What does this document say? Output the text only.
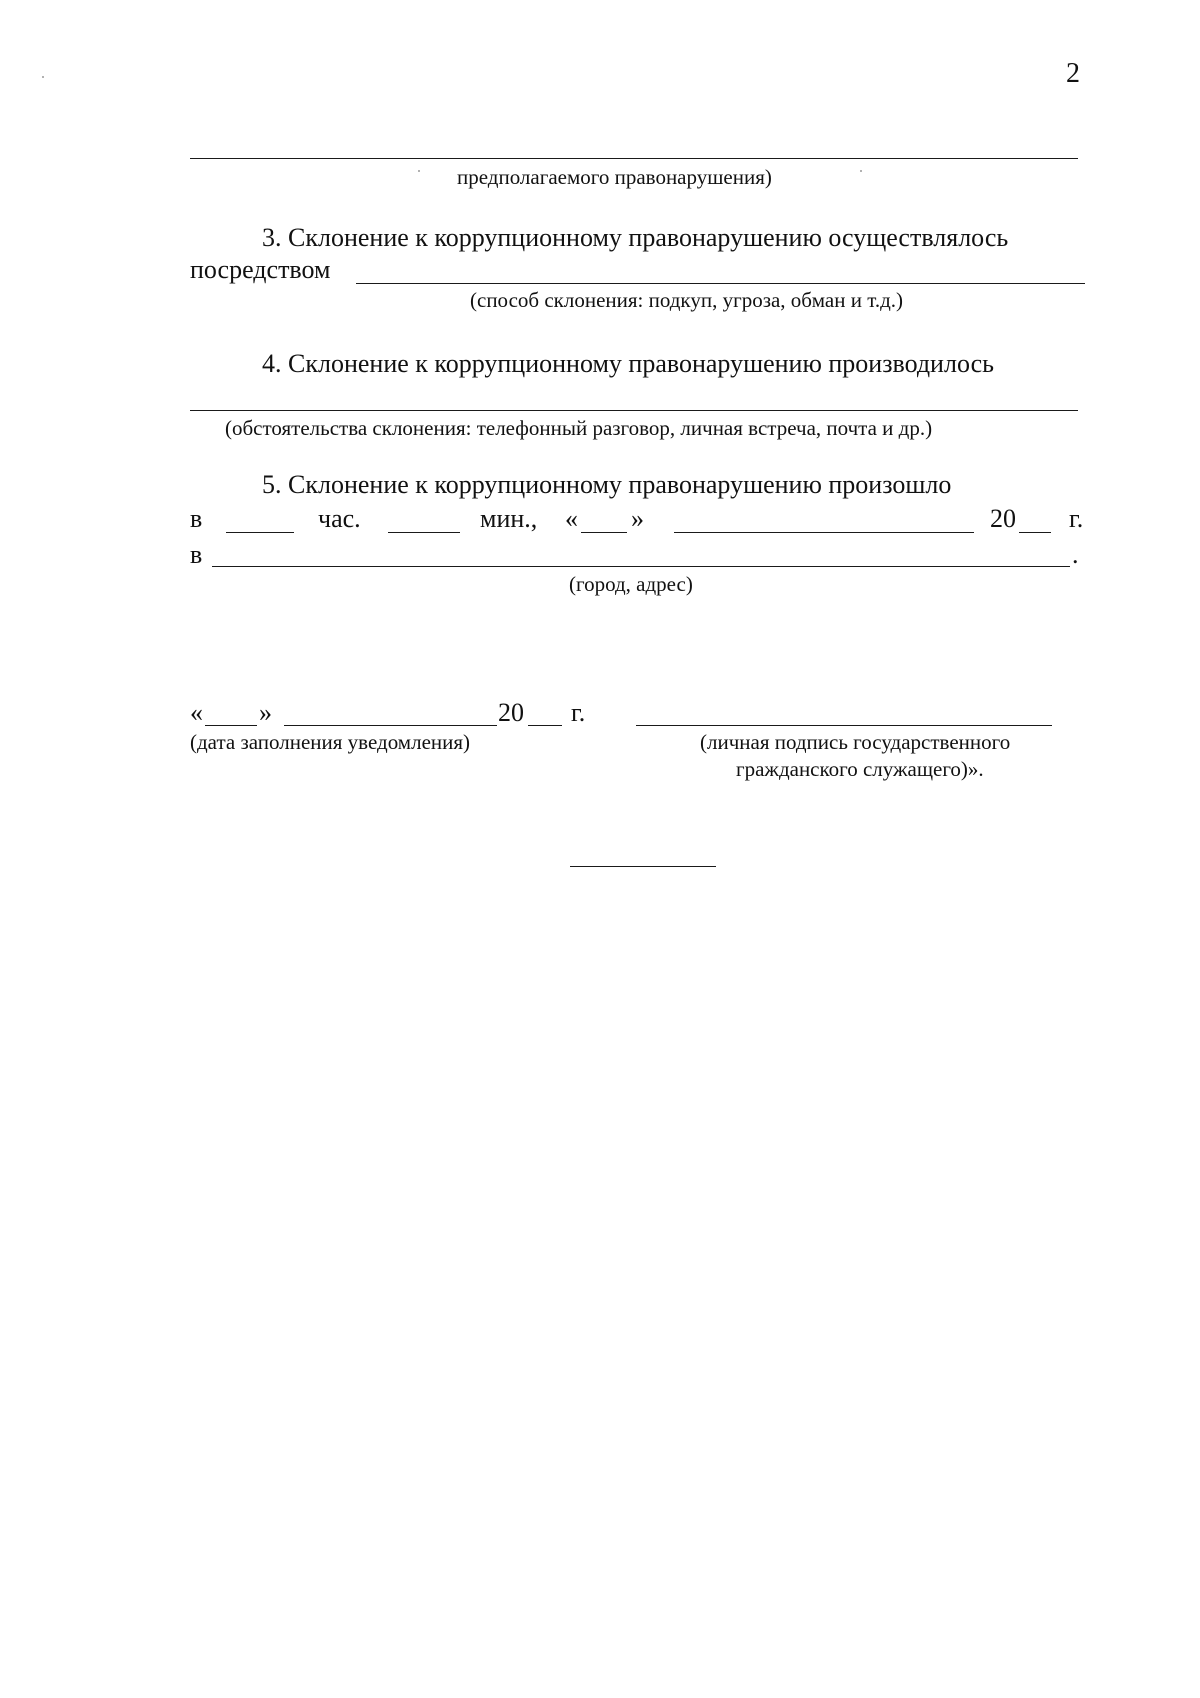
2
предполагаемого правонарушения)
3. Склонение к коррупционному правонарушению осуществлялось
посредством
(способ склонения: подкуп, угроза, обман и т.д.)
4. Склонение к коррупционному правонарушению производилось
(обстоятельства склонения: телефонный разговор, личная встреча, почта и др.)
5. Склонение к коррупционному правонарушению произошло
в	час.	мин., « »	20 г.
в	.
(город, адрес)
« »	20 г.
(дата заполнения уведомления)	(личная подпись государственного
гражданского служащего)».
